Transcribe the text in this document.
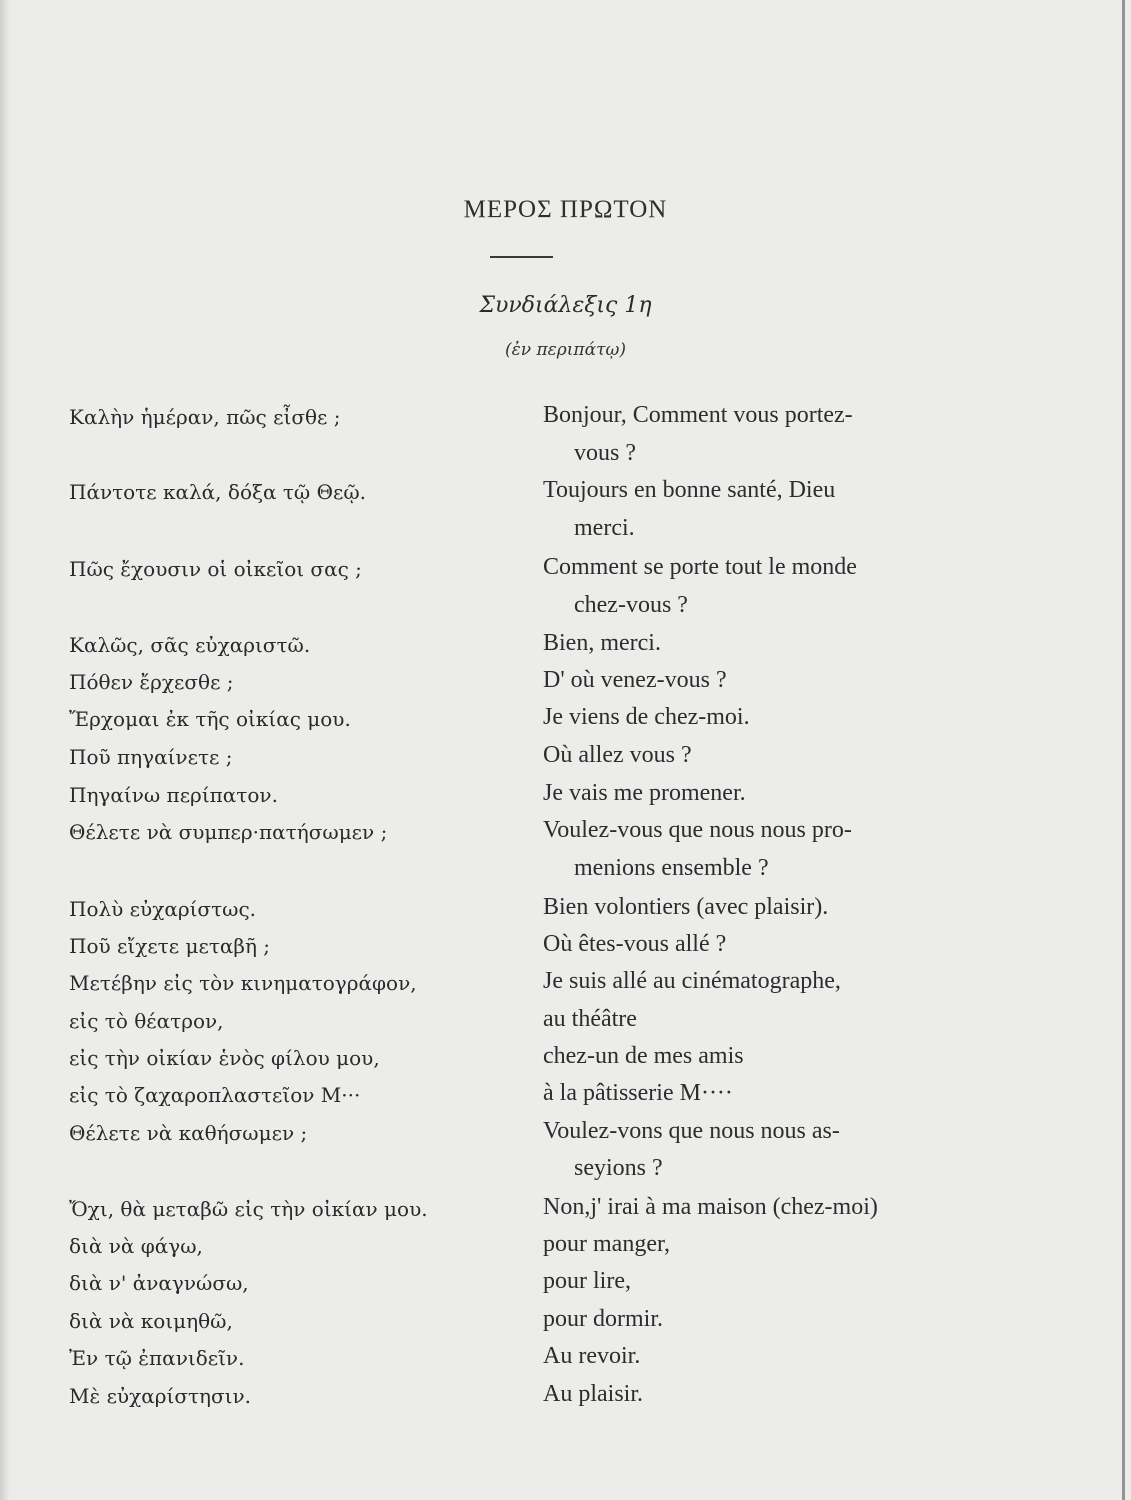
ΜΕΡΟΣ ΠΡΩΤΟΝ
Συνδιάλεξις 1η
(ἐν περιπάτῳ)
Καλὴν ἡμέραν, πῶς εἶσθε ;	Bonjour, Comment vous portez-
vous ?
Πάντοτε καλά, δόξα τῷ Θεῷ.	Toujours en bonne santé, Dieu
merci.
Πῶς ἔχουσιν οἱ οἰκεῖοι σας ;	Comment se porte tout le monde
chez-vous ?
Καλῶς, σᾶς εὐχαριστῶ.	Bien, merci.
Πόθεν ἔρχεσθε ;	D' où venez-vous ?
Ἔρχομαι ἐκ τῆς οἰκίας μου.	Je viens de chez-moi.
Ποῦ πηγαίνετε ;	Où allez vous ?
Πηγαίνω περίπατον.	Je vais me promener.
Θέλετε νὰ συμπερ·πατήσωμεν ;	Voulez-vous que nous nous pro-
menions ensemble ?
Πολὺ εὐχαρίστως.	Bien volontiers (avec plaisir).
Ποῦ εἴχετε μεταβῆ ;	Où êtes-vous allé ?
Μετέβην εἰς τὸν κινηματογράφον,	Je suis allé au cinématographe,
εἰς τὸ θέατρον,	au théâtre
εἰς τὴν οἰκίαν ἑνὸς φίλου μου,	chez-un de mes amis
εἰς τὸ ζαχαροπλαστεῖον Μ···	à la pâtisserie M····
Θέλετε νὰ καθήσωμεν ;	Voulez-vons que nous nous as-
seyions ?
Ὄχι, θὰ μεταβῶ εἰς τὴν οἰκίαν μου.	Non,j' irai à ma maison (chez-moi)
διὰ νὰ φάγω,	pour manger,
διὰ ν' ἀναγνώσω,	pour lire,
διὰ νὰ κοιμηθῶ,	pour dormir.
Ἐν τῷ ἐπανιδεῖν.	Au revoir.
Μὲ εὐχαρίστησιν.	Au plaisir.
